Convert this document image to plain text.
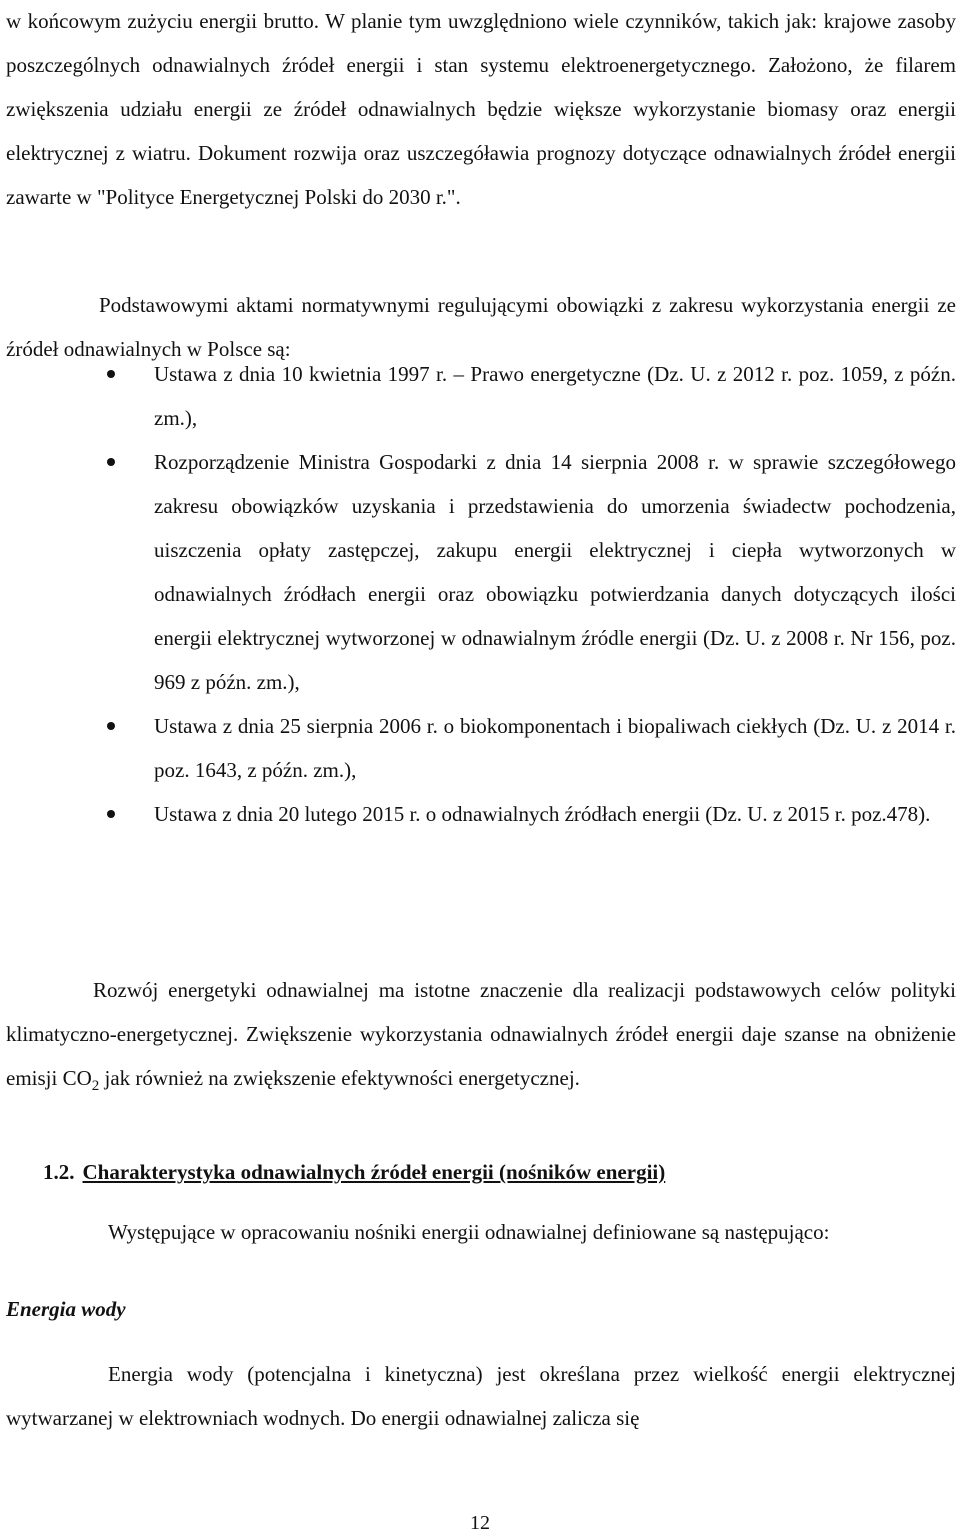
w końcowym zużyciu energii brutto. W planie tym uwzględniono wiele czynników, takich jak: krajowe zasoby poszczególnych odnawialnych źródeł energii i stan systemu elektroenergetycznego. Założono, że filarem zwiększenia udziału energii ze źródeł odnawialnych będzie większe wykorzystanie biomasy oraz energii elektrycznej z wiatru. Dokument rozwija oraz uszczegóławia prognozy dotyczące odnawialnych źródeł energii zawarte w "Polityce Energetycznej Polski do 2030 r.".

Podstawowymi aktami normatywnymi regulującymi obowiązki z zakresu wykorzystania energii ze źródeł odnawialnych w Polsce są:

Ustawa z dnia 10 kwietnia 1997 r. – Prawo energetyczne (Dz. U. z 2012 r. poz. 1059, z późn. zm.),
Rozporządzenie Ministra Gospodarki z dnia 14 sierpnia 2008 r. w sprawie szczegółowego zakresu obowiązków uzyskania i przedstawienia do umorzenia świadectw pochodzenia, uiszczenia opłaty zastępczej, zakupu energii elektrycznej i ciepła wytworzonych w odnawialnych źródłach energii oraz obowiązku potwierdzania danych dotyczących ilości energii elektrycznej wytworzonej w odnawialnym źródle energii (Dz. U. z 2008 r. Nr 156, poz. 969 z późn. zm.),
Ustawa z dnia 25 sierpnia 2006 r. o biokomponentach i biopaliwach ciekłych (Dz. U. z 2014 r. poz. 1643, z późn. zm.),
Ustawa z dnia 20 lutego 2015 r. o odnawialnych źródłach energii (Dz. U. z 2015 r. poz.478).

Rozwój energetyki odnawialnej ma istotne znaczenie dla realizacji podstawowych celów polityki klimatyczno-energetycznej. Zwiększenie wykorzystania odnawialnych źródeł energii daje szanse na obniżenie emisji $CO_2$ jak również na zwiększenie efektywności energetycznej.

1.2. Charakterystyka odnawialnych źródeł energii (nośników energii)

Występujące w opracowaniu nośniki energii odnawialnej definiowane są następująco:

Energia wody

Energia wody (potencjalna i kinetyczna) jest określana przez wielkość energii elektrycznej wytwarzanej w elektrowniach wodnych. Do energii odnawialnej zalicza się

12
